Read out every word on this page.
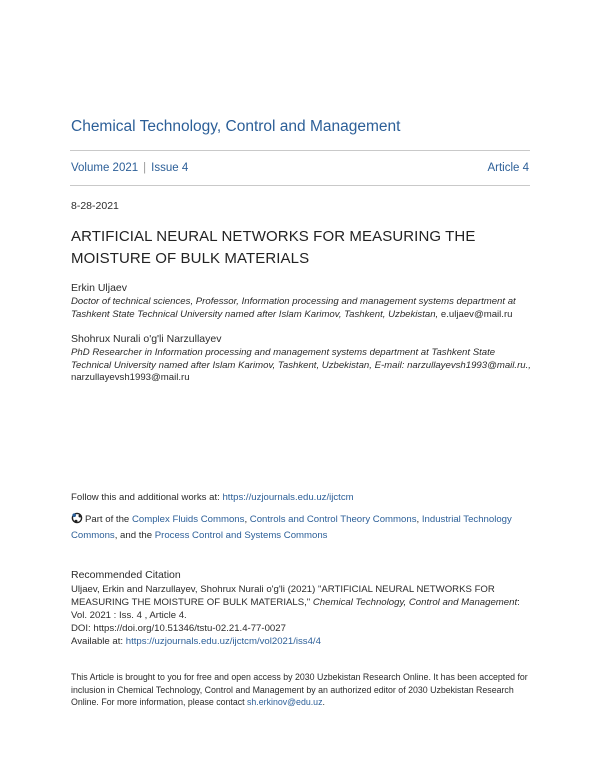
Chemical Technology, Control and Management
Volume 2021 | Issue 4	Article 4
8-28-2021
ARTIFICIAL NEURAL NETWORKS FOR MEASURING THE MOISTURE OF BULK MATERIALS
Erkin Uljaev
Doctor of technical sciences, Professor, Information processing and management systems department at Tashkent State Technical University named after Islam Karimov, Tashkent, Uzbekistan, e.uljaev@mail.ru
Shohrux Nurali o'g'li Narzullayev
PhD Researcher in Information processing and management systems department at Tashkent State Technical University named after Islam Karimov, Tashkent, Uzbekistan, E-mail: narzullayevsh1993@mail.ru., narzullayevsh1993@mail.ru
Follow this and additional works at: https://uzjournals.edu.uz/ijctcm
Part of the Complex Fluids Commons, Controls and Control Theory Commons, Industrial Technology Commons, and the Process Control and Systems Commons
Recommended Citation
Uljaev, Erkin and Narzullayev, Shohrux Nurali o'g'li (2021) "ARTIFICIAL NEURAL NETWORKS FOR MEASURING THE MOISTURE OF BULK MATERIALS," Chemical Technology, Control and Management: Vol. 2021 : Iss. 4 , Article 4.
DOI: https://doi.org/10.51346/tstu-02.21.4-77-0027
Available at: https://uzjournals.edu.uz/ijctcm/vol2021/iss4/4
This Article is brought to you for free and open access by 2030 Uzbekistan Research Online. It has been accepted for inclusion in Chemical Technology, Control and Management by an authorized editor of 2030 Uzbekistan Research Online. For more information, please contact sh.erkinov@edu.uz.
